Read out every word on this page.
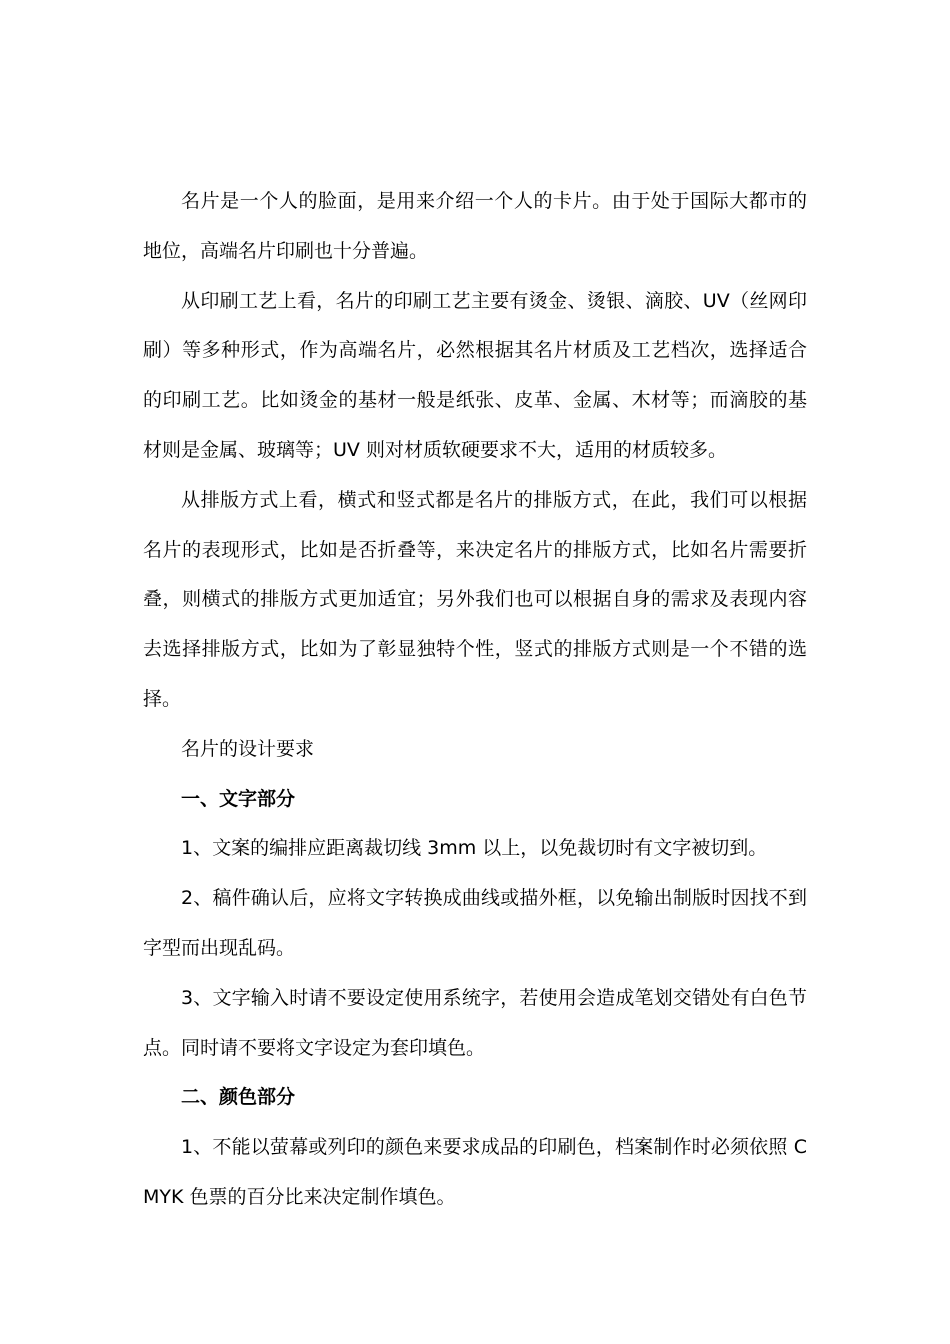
名片是一个人的脸面，是用来介绍一个人的卡片。由于处于国际大都市的地位，高端名片印刷也十分普遍。

从印刷工艺上看，名片的印刷工艺主要有烫金、烫银、滴胶、UV（丝网印刷）等多种形式，作为高端名片，必然根据其名片材质及工艺档次，选择适合的印刷工艺。比如烫金的基材一般是纸张、皮革、金属、木材等；而滴胶的基材则是金属、玻璃等；UV 则对材质软硬要求不大，适用的材质较多。

从排版方式上看，横式和竖式都是名片的排版方式，在此，我们可以根据名片的表现形式，比如是否折叠等，来决定名片的排版方式，比如名片需要折叠，则横式的排版方式更加适宜；另外我们也可以根据自身的需求及表现内容去选择排版方式，比如为了彰显独特个性，竖式的排版方式则是一个不错的选择。

名片的设计要求

一、文字部分

1、文案的编排应距离裁切线 3mm 以上，以免裁切时有文字被切到。

2、稿件确认后，应将文字转换成曲线或描外框，以免输出制版时因找不到字型而出现乱码。

3、文字输入时请不要设定使用系统字，若使用会造成笔划交错处有白色节点。同时请不要将文字设定为套印填色。

二、颜色部分

1、不能以萤幕或列印的颜色来要求成品的印刷色，档案制作时必须依照 CMYK 色票的百分比来决定制作填色。
